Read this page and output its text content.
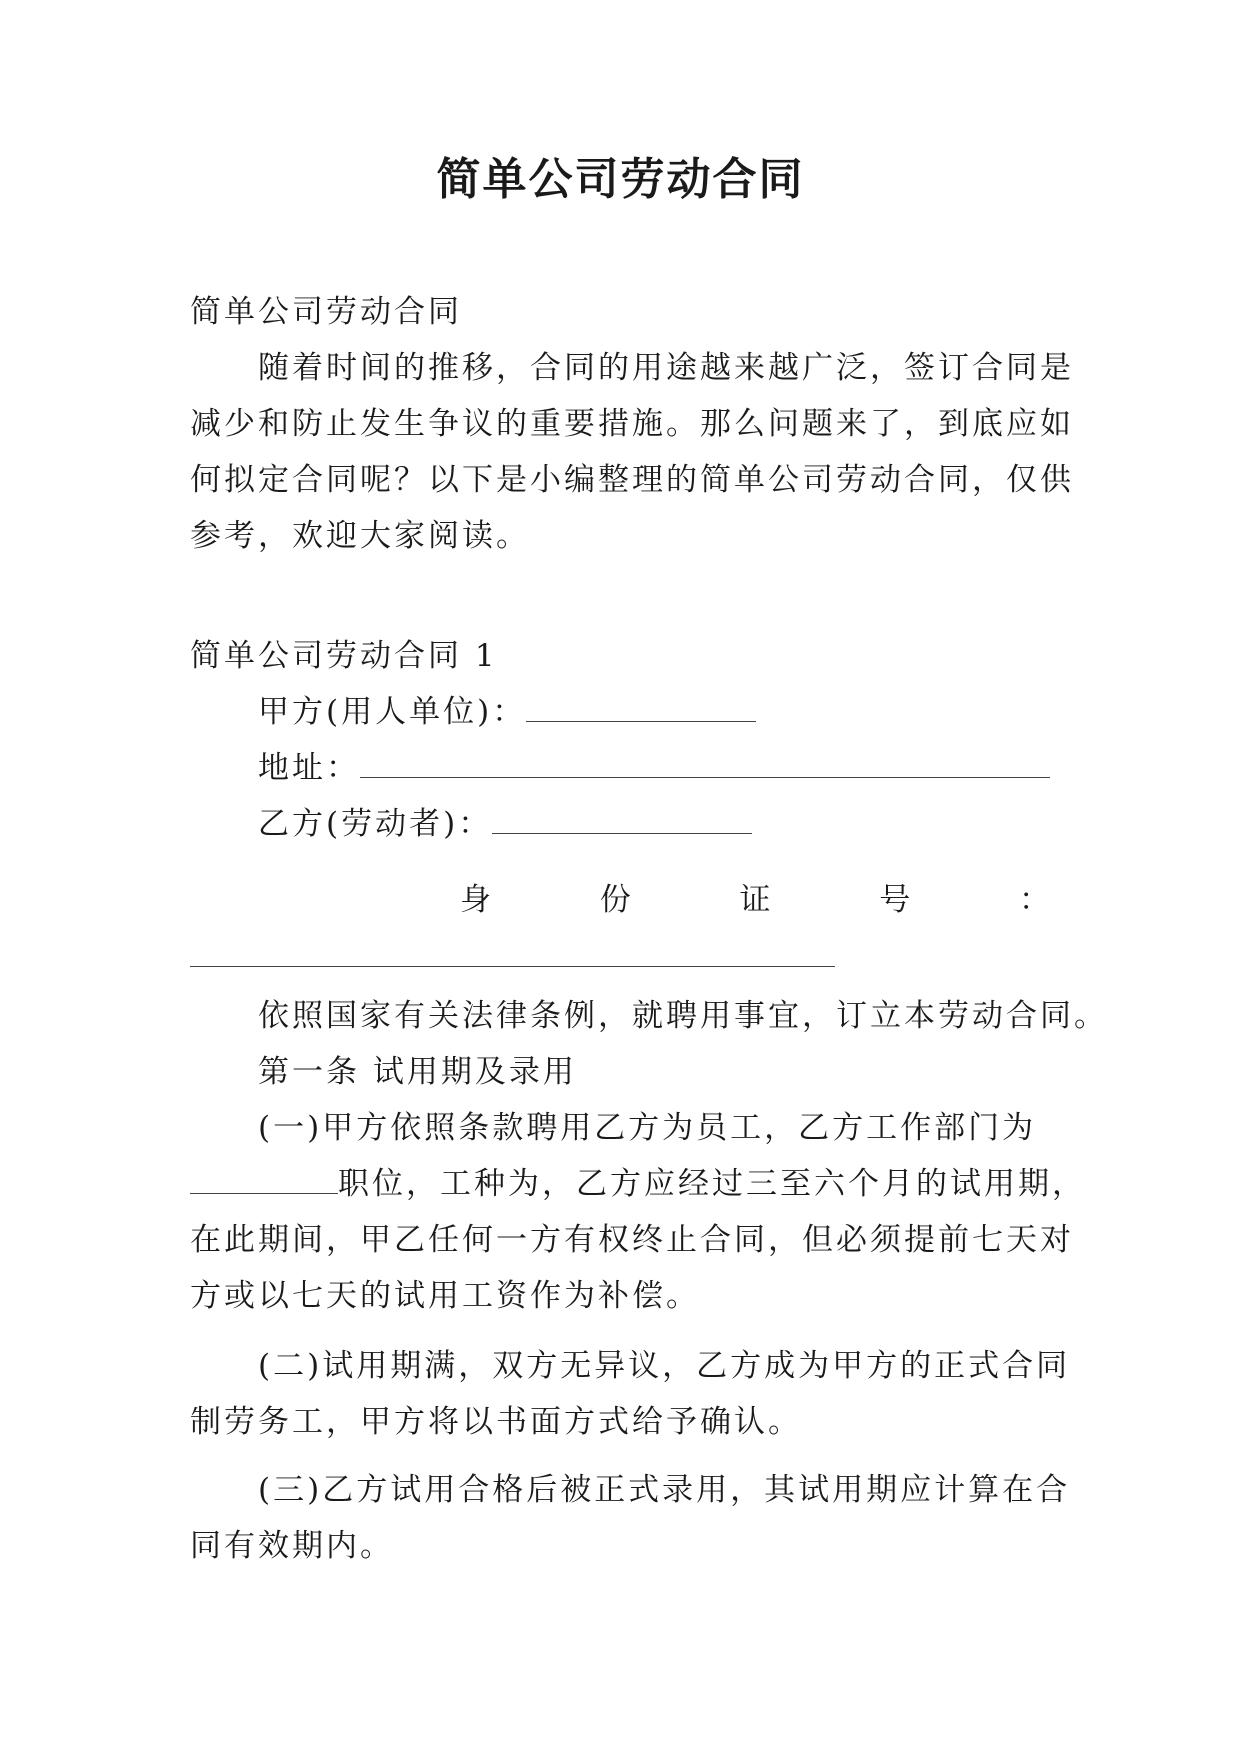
简单公司劳动合同

简单公司劳动合同

随着时间的推移，合同的用途越来越广泛，签订合同是

减少和防止发生争议的重要措施。那么问题来了，到底应如

何拟定合同呢？以下是小编整理的简单公司劳动合同，仅供

参考，欢迎大家阅读。

简单公司劳动合同 1

甲方(用人单位)：

地址：

乙方(劳动者)：

身	份	证	号	：

依照国家有关法律条例，就聘用事宜，订立本劳动合同。

第一条 试用期及录用

(一)甲方依照条款聘用乙方为员工，乙方工作部门为

职位，工种为，乙方应经过三至六个月的试用期，

在此期间，甲乙任何一方有权终止合同，但必须提前七天对

方或以七天的试用工资作为补偿。

(二)试用期满，双方无异议，乙方成为甲方的正式合同

制劳务工，甲方将以书面方式给予确认。

(三)乙方试用合格后被正式录用，其试用期应计算在合

同有效期内。
